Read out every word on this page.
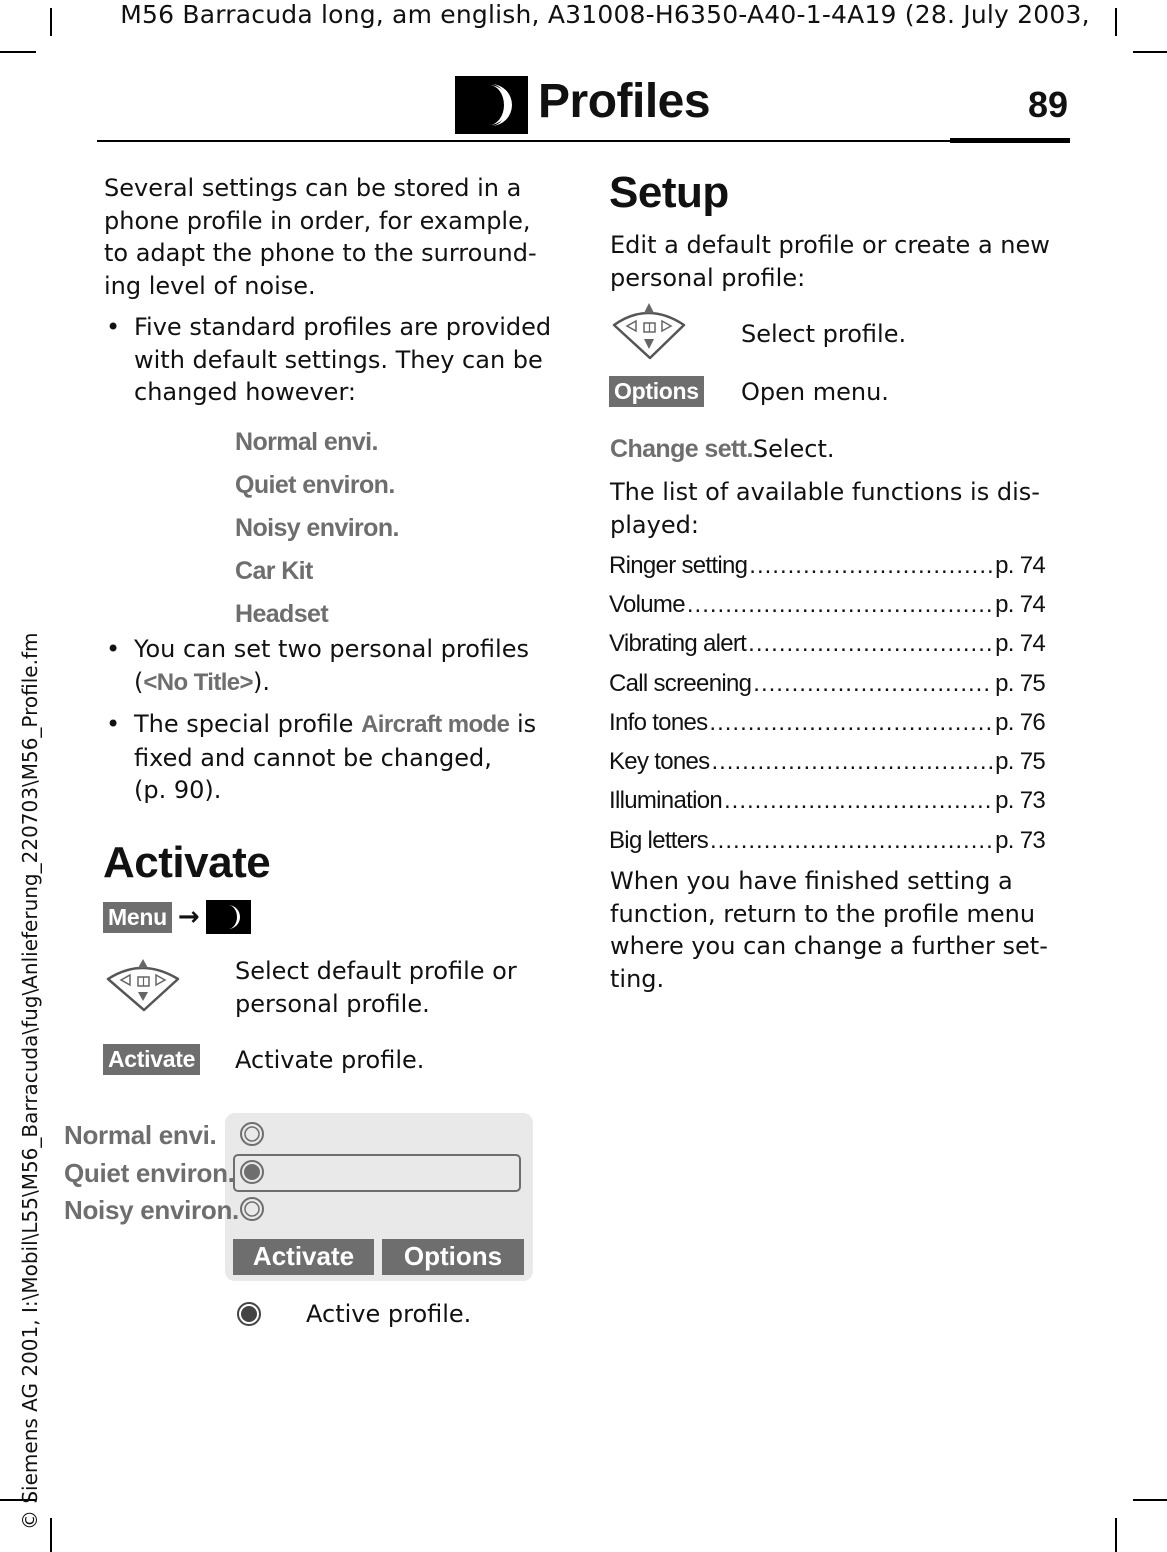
M56 Barracuda long, am english, A31008-H6350-A40-1-4A19 (28. July 2003,
© Siemens AG 2001, I:\Mobil\L55\M56_Barracuda\fug\Anlieferung_220703\M56_Profile.fm
Profiles	89
Several settings can be stored in a
phone profile in order, for example,
to adapt the phone to the surround-
ing level of noise.
• Five standard profiles are provided
with default settings. They can be
changed however:
Normal envi.
Quiet environ.
Noisy environ.
Car Kit
Headset
• You can set two personal profiles
(<No Title>).
• The special profile Aircraft mode is
fixed and cannot be changed,
(p. 90).
Activate
Menu →
Select default profile or
personal profile.
Activate Activate profile.
Normal envi.
Quiet environ.
Noisy environ.
Activate	Options
Active profile.
Setup
Edit a default profile or create a new
personal profile:
Select profile.
Options Open menu.
Change sett.Select.
The list of available functions is dis-
played:
Ringer setting .....	p. 74
Volume .....	p. 74
Vibrating alert .....	p. 74
Call screening .....	p. 75
Info tones .....	p. 76
Key tones .....	p. 75
Illumination .....	p. 73
Big letters .....	p. 73
When you have finished setting a
function, return to the profile menu
where you can change a further set-
ting.
